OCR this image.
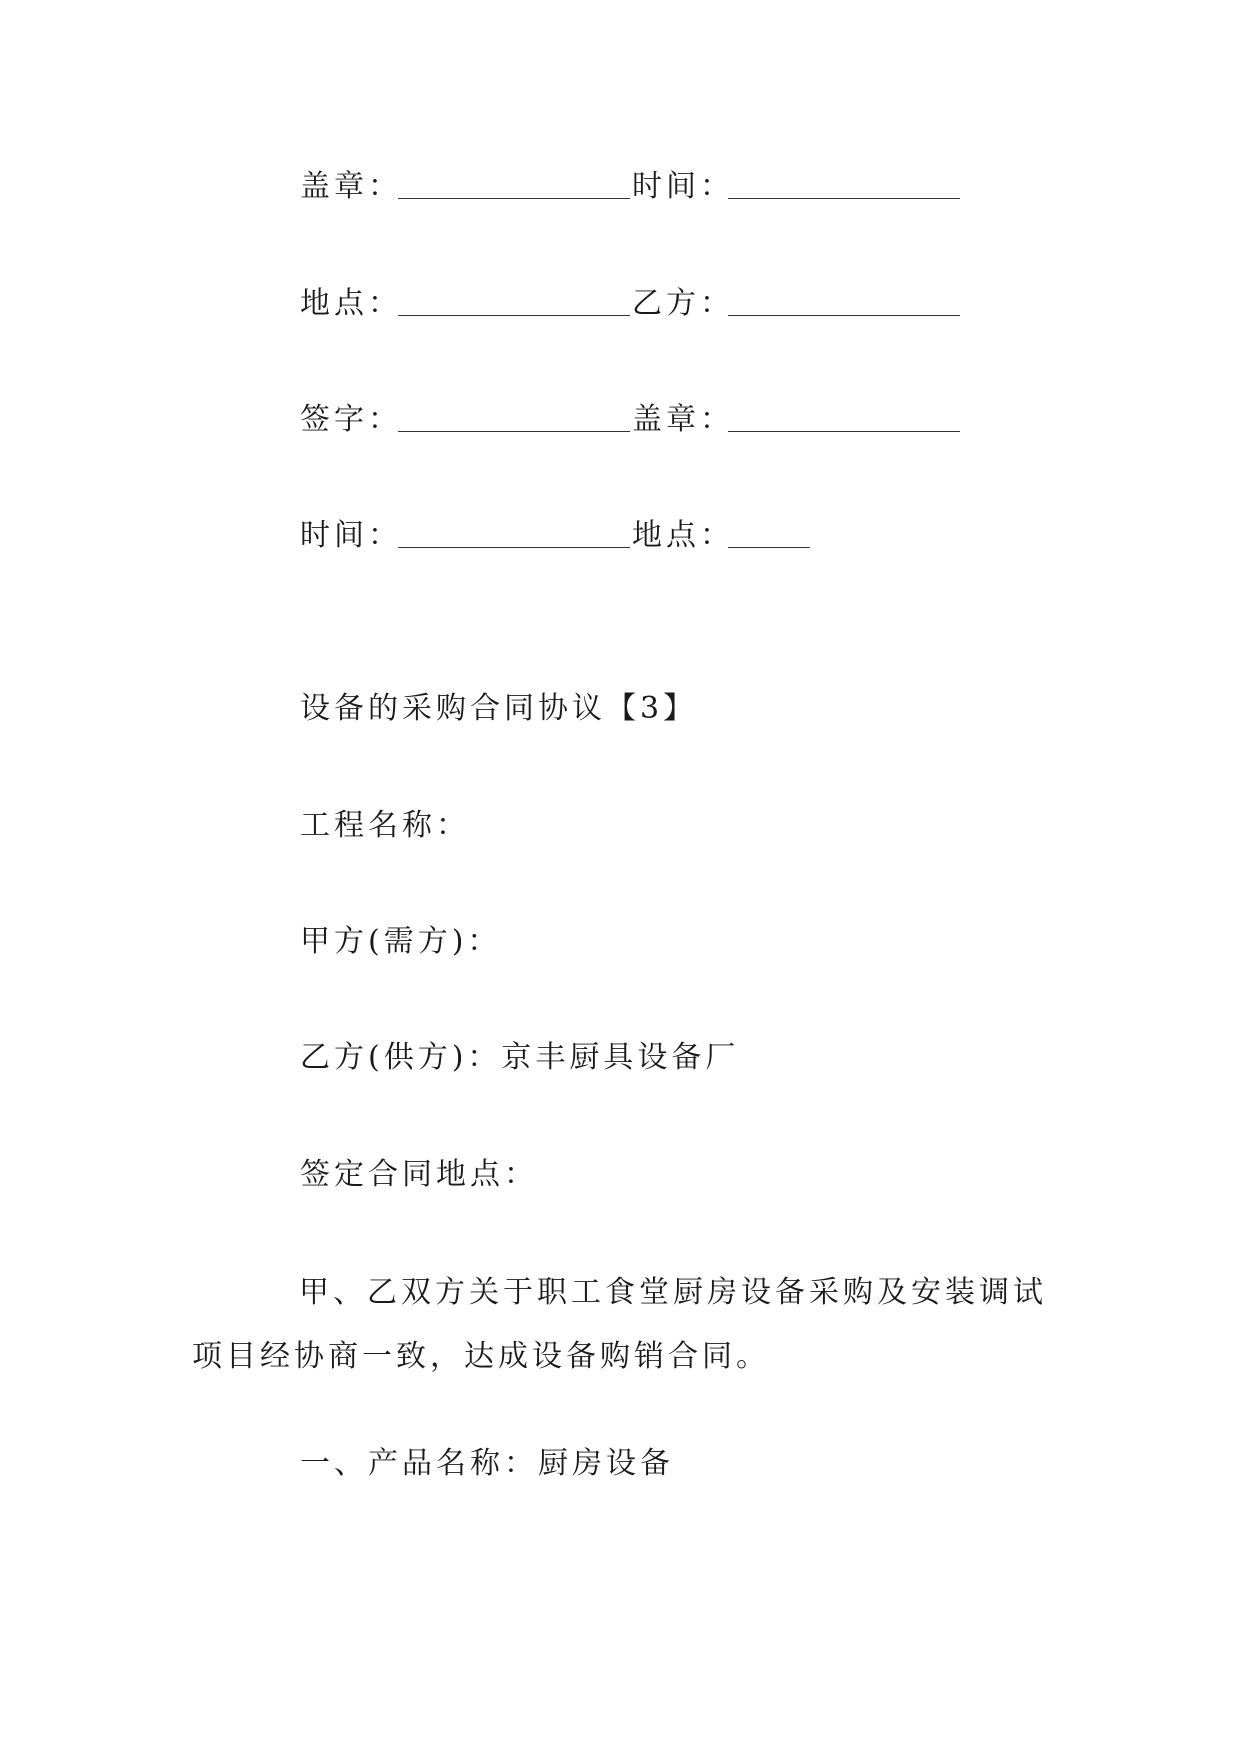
盖章：	时间：
地点：	乙方：
签字：	盖章：
时间：	地点：
设备的采购合同协议【3】
工程名称：
甲方(需方)：
乙方(供方)：京丰厨具设备厂
签定合同地点：
甲、乙双方关于职工食堂厨房设备采购及安装调试项目经协商一致，达成设备购销合同。
一、产品名称：厨房设备
